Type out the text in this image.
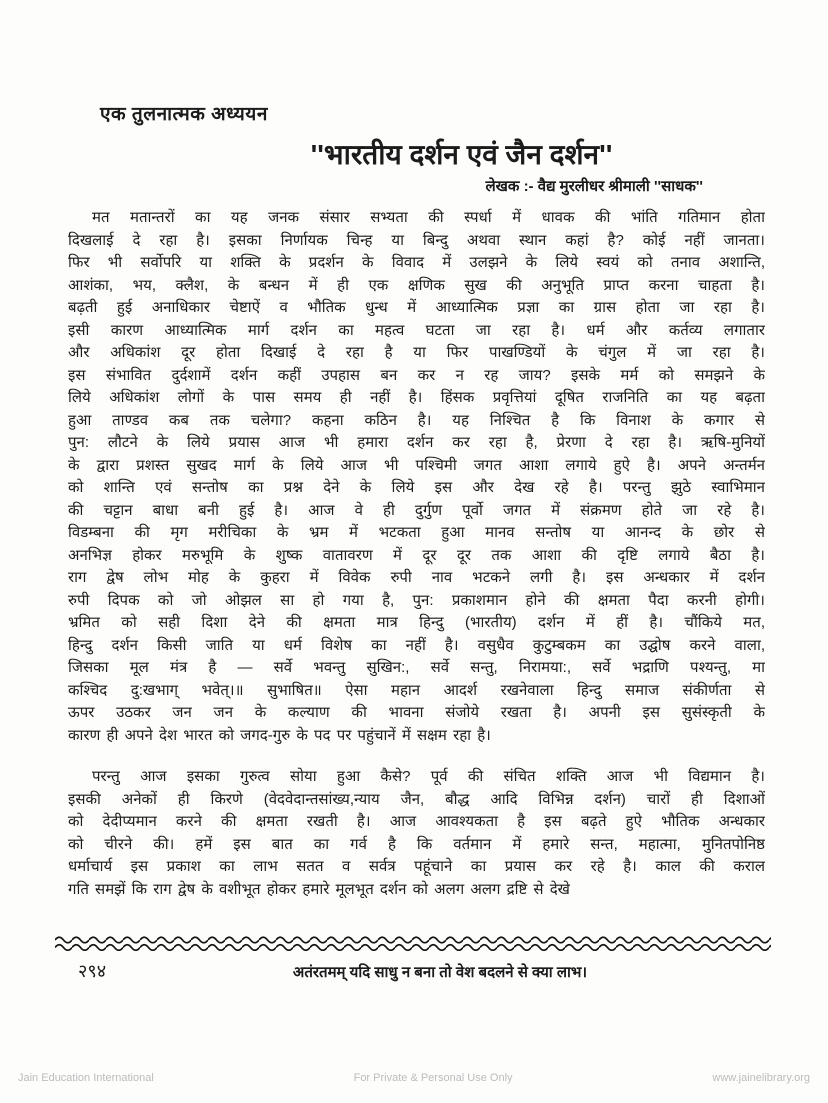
एक तुलनात्मक अध्ययन
''भारतीय दर्शन एवं जैन दर्शन''
लेखक :- वैद्य मुरलीधर श्रीमाली ''साधक''
मत मतान्तरों का यह जनक संसार सभ्यता की स्पर्धा में धावक की भांति गतिमान होता
दिखलाई दे रहा है। इसका निर्णायक चिन्ह या बिन्दु अथवा स्थान कहां है? कोई नहीं जानता।
फिर भी सर्वोपरि या शक्ति के प्रदर्शन के विवाद में उलझने के लिये स्वयं को तनाव अशान्ति,
आशंका, भय, क्लैश, के बन्धन में ही एक क्षणिक सुख की अनुभूति प्राप्त करना चाहता है।
बढ़ती हुई अनाधिकार चेष्टाऐं व भौतिक धुन्ध में आध्यात्मिक प्रज्ञा का ग्रास होता जा रहा है।
इसी कारण आध्यात्मिक मार्ग दर्शन का महत्व घटता जा रहा है। धर्म और कर्तव्य लगातार
और अधिकांश दूर होता दिखाई दे रहा है या फिर पाखण्डियों के चंगुल में जा रहा है।
इस संभावित दुर्दशामें दर्शन कहीं उपहास बन कर न रह जाय? इसके मर्म को समझने के
लिये अधिकांश लोगों के पास समय ही नहीं है। हिंसक प्रवृत्तियां दूषित राजनिति का यह बढ़ता
हुआ ताण्डव कब तक चलेगा? कहना कठिन है। यह निश्चित है कि विनाश के कगार से
पुन: लौटने के लिये प्रयास आज भी हमारा दर्शन कर रहा है, प्रेरणा दे रहा है। ऋषि-मुनियों
के द्वारा प्रशस्त सुखद मार्ग के लिये आज भी पश्चिमी जगत आशा लगाये हुऐ है। अपने अन्तर्मन
को शान्ति एवं सन्तोष का प्रश्न देने के लिये इस और देख रहे है। परन्तु झुठे स्वाभिमान
की चट्टान बाधा बनी हुई है। आज वे ही दुर्गुण पूर्वो जगत में संक्रमण होते जा रहे है।
विडम्बना की मृग मरीचिका के भ्रम में भटकता हुआ मानव सन्तोष या आनन्द के छोर से
अनभिज्ञ होकर मरुभूमि के शुष्क वातावरण में दूर दूर तक आशा की दृष्टि लगाये बैठा है।
राग द्वेष लोभ मोह के कुहरा में विवेक रुपी नाव भटकने लगी है। इस अन्धकार में दर्शन
रुपी दिपक को जो ओझल सा हो गया है, पुन: प्रकाशमान होने की क्षमता पैदा करनी होगी।
भ्रमित को सही दिशा देने की क्षमता मात्र हिन्दु (भारतीय) दर्शन में हीं है। चौंकिये मत,
हिन्दु दर्शन किसी जाति या धर्म विशेष का नहीं है। वसुधैव कुटुम्बकम का उद्घोष करने वाला,
जिसका मूल मंत्र है — सर्वे भवन्तु सुखिन:, सर्वे सन्तु, निरामया:, सर्वे भद्राणि पश्यन्तु, मा
कश्चिद दु:खभाग् भवेत्।॥ सुभाषित॥ ऐसा महान आदर्श रखनेवाला हिन्दु समाज संकीर्णता से
ऊपर उठकर जन जन के कल्याण की भावना संजोये रखता है। अपनी इस सुसंस्कृती के
कारण ही अपने देश भारत को जगद-गुरु के पद पर पहुंचानें में सक्षम रहा है।
परन्तु आज इसका गुरुत्व सोया हुआ कैसे? पूर्व की संचित शक्ति आज भी विद्यमान है।
इसकी अनेकों ही किरणे (वेदवेदान्तसांख्य,न्याय जैन, बौद्ध आदि विभिन्न दर्शन) चारों ही दिशाओं
को देदीप्यमान करने की क्षमता रखती है। आज आवश्यकता है इस बढ़ते हुऐ भौतिक अन्धकार
को चीरने की। हमें इस बात का गर्व है कि वर्तमान में हमारे सन्त, महात्मा, मुनितपोनिष्ठ
धर्माचार्य इस प्रकाश का लाभ सतत व सर्वत्र पहूंचाने का प्रयास कर रहे है। काल की कराल
गति समझें कि राग द्वेष के वशीभूत होकर हमारे मूलभूत दर्शन को अलग अलग द्रष्टि से देखे
२९४	अतंरतमम् यदि साधु न बना तो वेश बदलने से क्या लाभ।
Jain Education International	For Private & Personal Use Only	www.jainelibrary.org
